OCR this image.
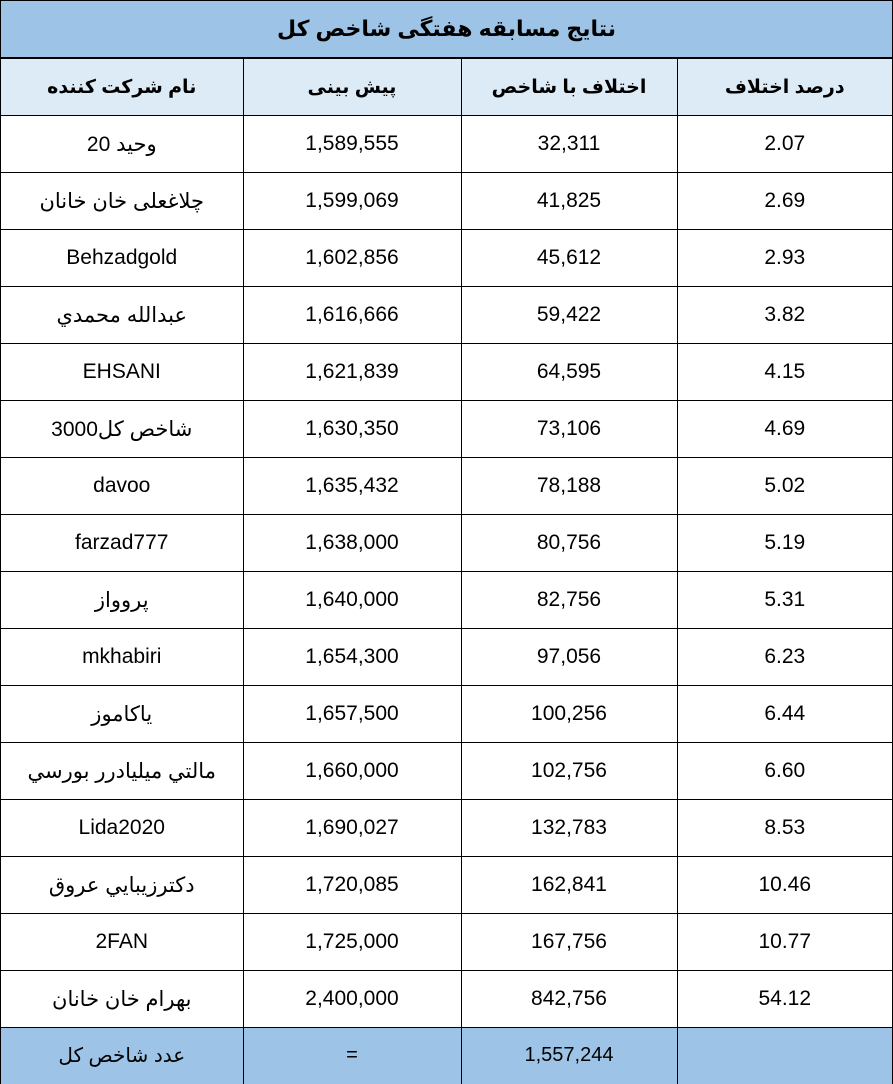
نتایج مسابقه هفتگی شاخص کل
نام شرکت کننده	پیش بینی	اختلاف با شاخص	درصد اختلاف
وحید 20	1,589,555	32,311	2.07
چلاغعلی خان خانان	1,599,069	41,825	2.69
Behzadgold	1,602,856	45,612	2.93
عبدالله محمدي	1,616,666	59,422	3.82
EHSANI	1,621,839	64,595	4.15
شاخص کل3000	1,630,350	73,106	4.69
davoo	1,635,432	78,188	5.02
farzad777	1,638,000	80,756	5.19
پروواز	1,640,000	82,756	5.31
mkhabiri	1,654,300	97,056	6.23
یاکاموز	1,657,500	100,256	6.44
مالتي ميليادرر بورسي	1,660,000	102,756	6.60
Lida2020	1,690,027	132,783	8.53
دکترزيبايي عروق	1,720,085	162,841	10.46
2FAN	1,725,000	167,756	10.77
بهرام خان خانان	2,400,000	842,756	54.12
عدد شاخص کل	=	1,557,244	
